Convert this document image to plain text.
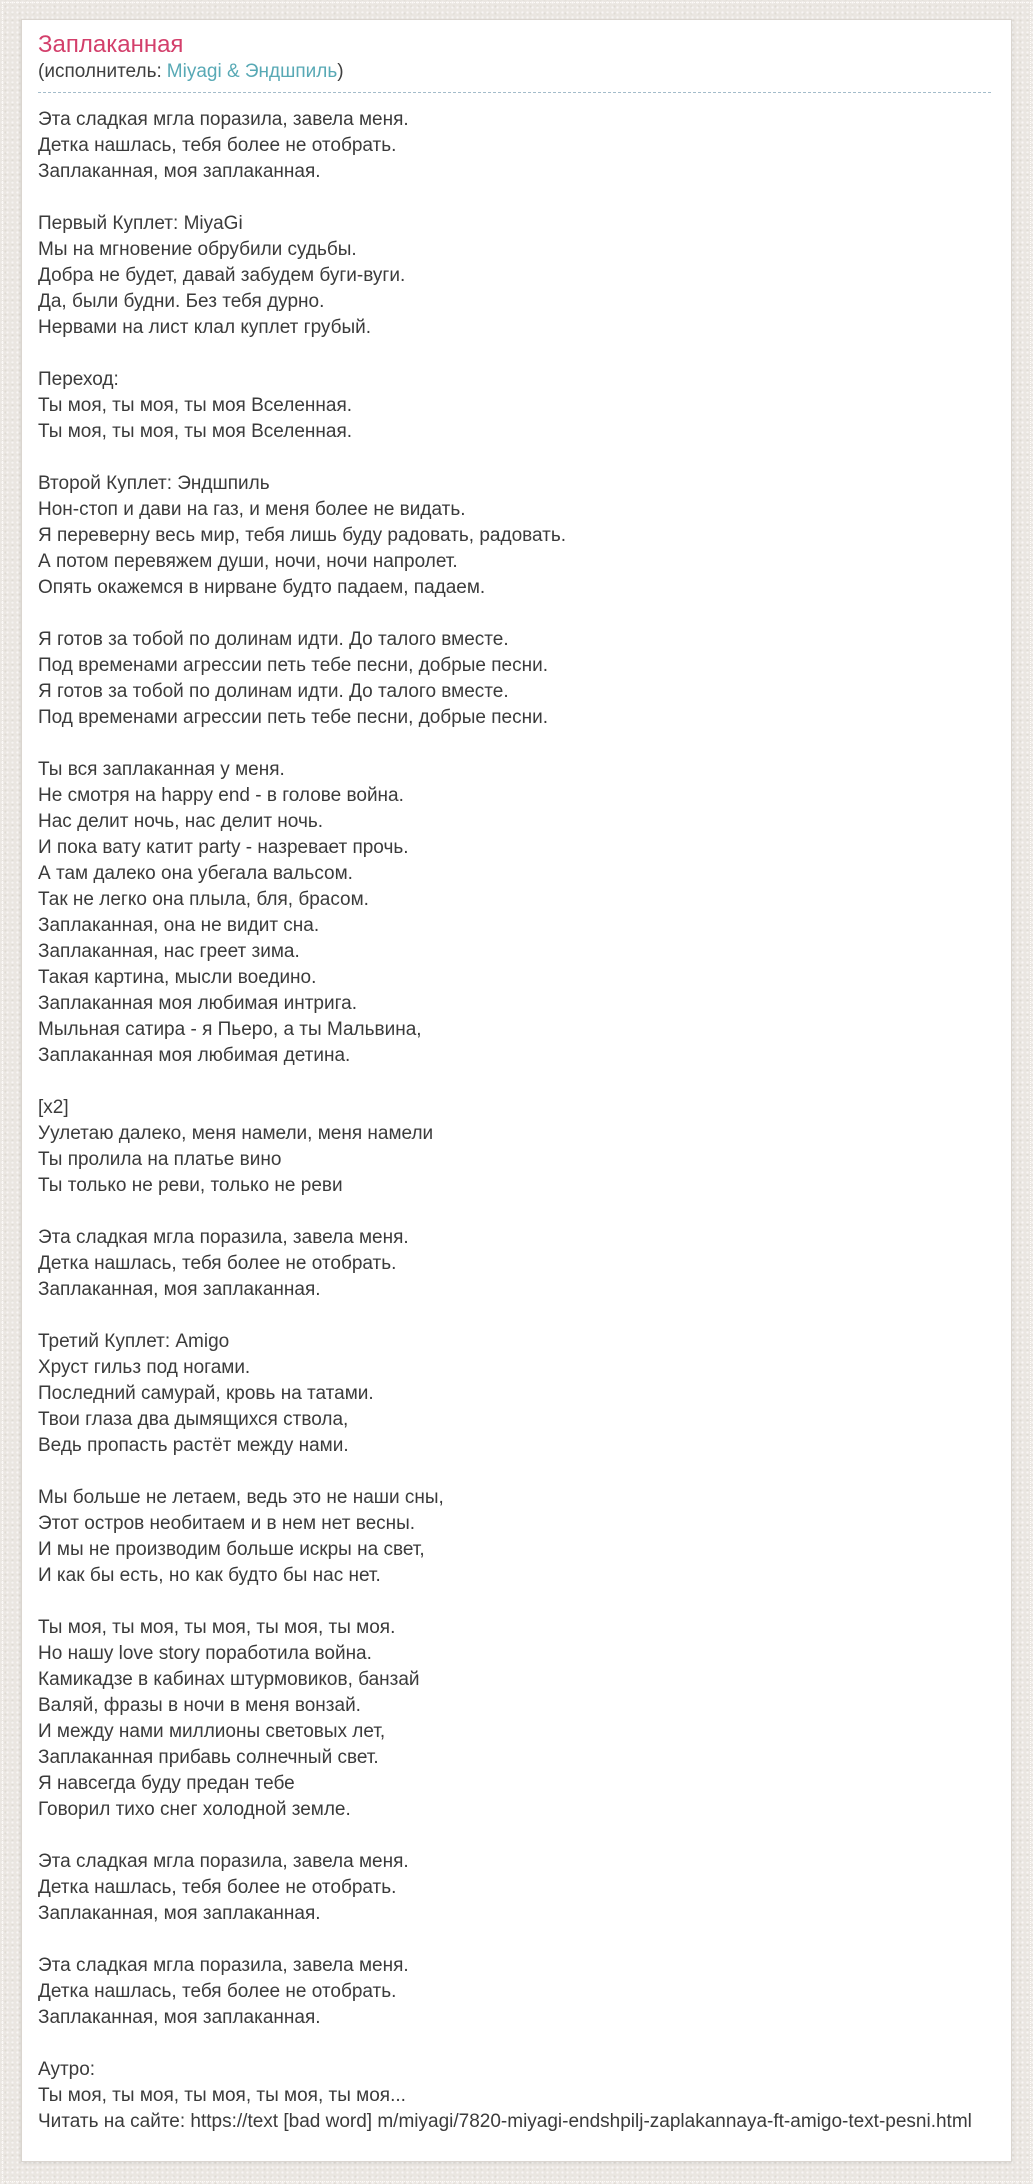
Заплаканная
(исполнитель: Miyagi & Эндшпиль)
Эта сладкая мгла поразила, завела меня.
Детка нашлась, тебя более не отобрать.
Заплаканная, моя заплаканная.
Первый Куплет: MiyaGi
Мы на мгновение обрубили судьбы.
Добра не будет, давай забудем буги-вуги.
Да, были будни. Без тебя дурно.
Нервами на лист клал куплет грубый.
Переход:
Ты моя, ты моя, ты моя Вселенная.
Ты моя, ты моя, ты моя Вселенная.
Второй Куплет: Эндшпиль
Нон-стоп и дави на газ, и меня более не видать.
Я переверну весь мир, тебя лишь буду радовать, радовать.
А потом перевяжем души, ночи, ночи напролет.
Опять окажемся в нирване будто падаем, падаем.
Я готов за тобой по долинам идти. До талого вместе.
Под временами агрессии петь тебе песни, добрые песни.
Я готов за тобой по долинам идти. До талого вместе.
Под временами агрессии петь тебе песни, добрые песни.
Ты вся заплаканная у меня.
Не смотря на happy end - в голове война.
Нас делит ночь, нас делит ночь.
И пока вату катит party - назревает прочь.
А там далеко она убегала вальсом.
Так не легко она плыла, бля, брасом.
Заплаканная, она не видит сна.
Заплаканная, нас греет зима.
Такая картина, мысли воедино.
Заплаканная моя любимая интрига.
Мыльная сатира - я Пьеро, а ты Мальвина,
Заплаканная моя любимая детина.
[x2]
Уулетаю далеко, меня намели, меня намели
Ты пролила на платье вино
Ты только не реви, только не реви
Эта сладкая мгла поразила, завела меня.
Детка нашлась, тебя более не отобрать.
Заплаканная, моя заплаканная.
Третий Куплет: Amigo
Хруст гильз под ногами.
Последний самурай, кровь на татами.
Твои глаза два дымящихся ствола,
Ведь пропасть растёт между нами.
Мы больше не летаем, ведь это не наши сны,
Этот остров необитаем и в нем нет весны.
И мы не производим больше искры на свет,
И как бы есть, но как будто бы нас нет.
Ты моя, ты моя, ты моя, ты моя, ты моя.
Но нашу love story поработила война.
Камикадзе в кабинах штурмовиков, банзай
Валяй, фразы в ночи в меня вонзай.
И между нами миллионы световых лет,
Заплаканная прибавь солнечный свет.
Я навсегда буду предан тебе
Говорил тихо снег холодной земле.
Эта сладкая мгла поразила, завела меня.
Детка нашлась, тебя более не отобрать.
Заплаканная, моя заплаканная.
Эта сладкая мгла поразила, завела меня.
Детка нашлась, тебя более не отобрать.
Заплаканная, моя заплаканная.
Аутро:
Ты моя, ты моя, ты моя, ты моя, ты моя...
Читать на сайте: https://text [bad word] m/miyagi/7820-miyagi-endshpilj-zaplakannaya-ft-amigo-text-pesni.html
